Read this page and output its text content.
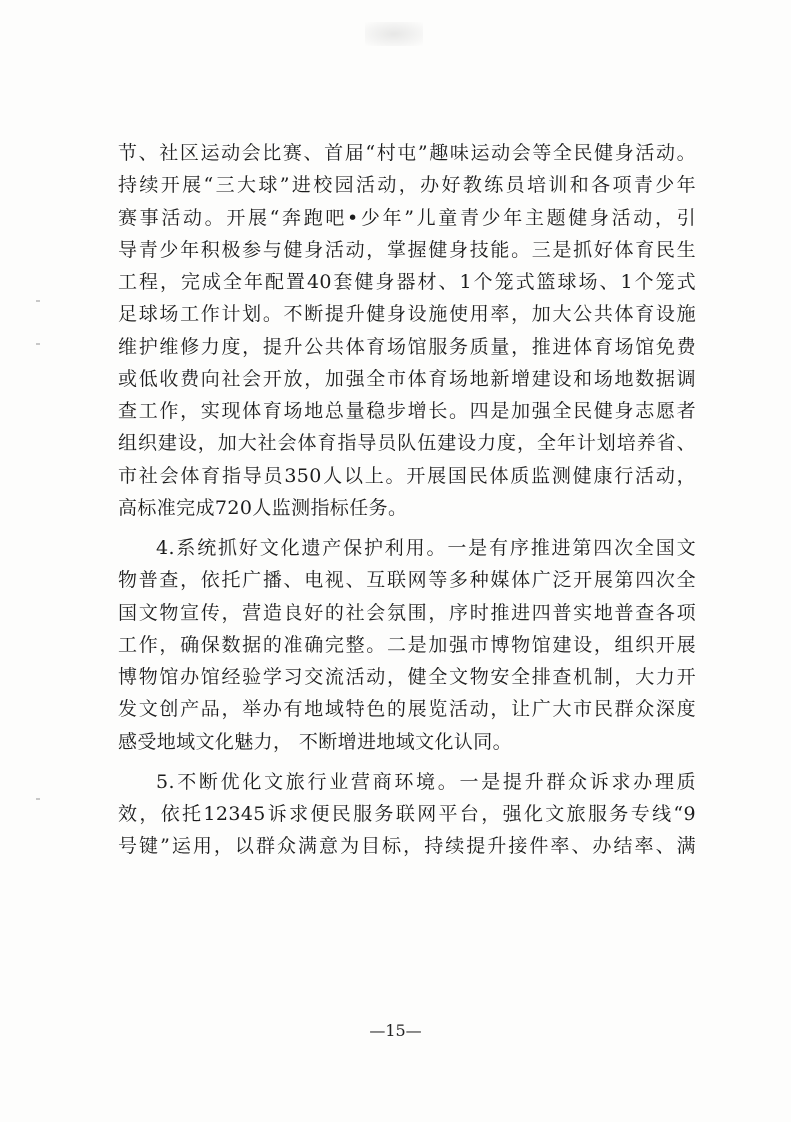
节、社区运动会比赛、首届“村屯”趣味运动会等全民健身活动。
持续开展“三大球”进校园活动，办好教练员培训和各项青少年
赛事活动。开展“奔跑吧•少年”儿童青少年主题健身活动，引
导青少年积极参与健身活动，掌握健身技能。三是抓好体育民生
工程，完成全年配置40套健身器材、1个笼式篮球场、1个笼式
足球场工作计划。不断提升健身设施使用率，加大公共体育设施
维护维修力度，提升公共体育场馆服务质量，推进体育场馆免费
或低收费向社会开放，加强全市体育场地新增建设和场地数据调
查工作，实现体育场地总量稳步增长。四是加强全民健身志愿者
组织建设，加大社会体育指导员队伍建设力度，全年计划培养省、
市社会体育指导员350人以上。开展国民体质监测健康行活动，
高标准完成720人监测指标任务。
4.系统抓好文化遗产保护利用。一是有序推进第四次全国文
物普查，依托广播、电视、互联网等多种媒体广泛开展第四次全
国文物宣传，营造良好的社会氛围，序时推进四普实地普查各项
工作，确保数据的准确完整。二是加强市博物馆建设，组织开展
博物馆办馆经验学习交流活动，健全文物安全排查机制，大力开
发文创产品，举办有地域特色的展览活动，让广大市民群众深度
感受地域文化魅力， 不断增进地域文化认同。
5.不断优化文旅行业营商环境。一是提升群众诉求办理质
效，依托12345诉求便民服务联网平台，强化文旅服务专线“9
号键”运用，以群众满意为目标，持续提升接件率、办结率、满
—15—
